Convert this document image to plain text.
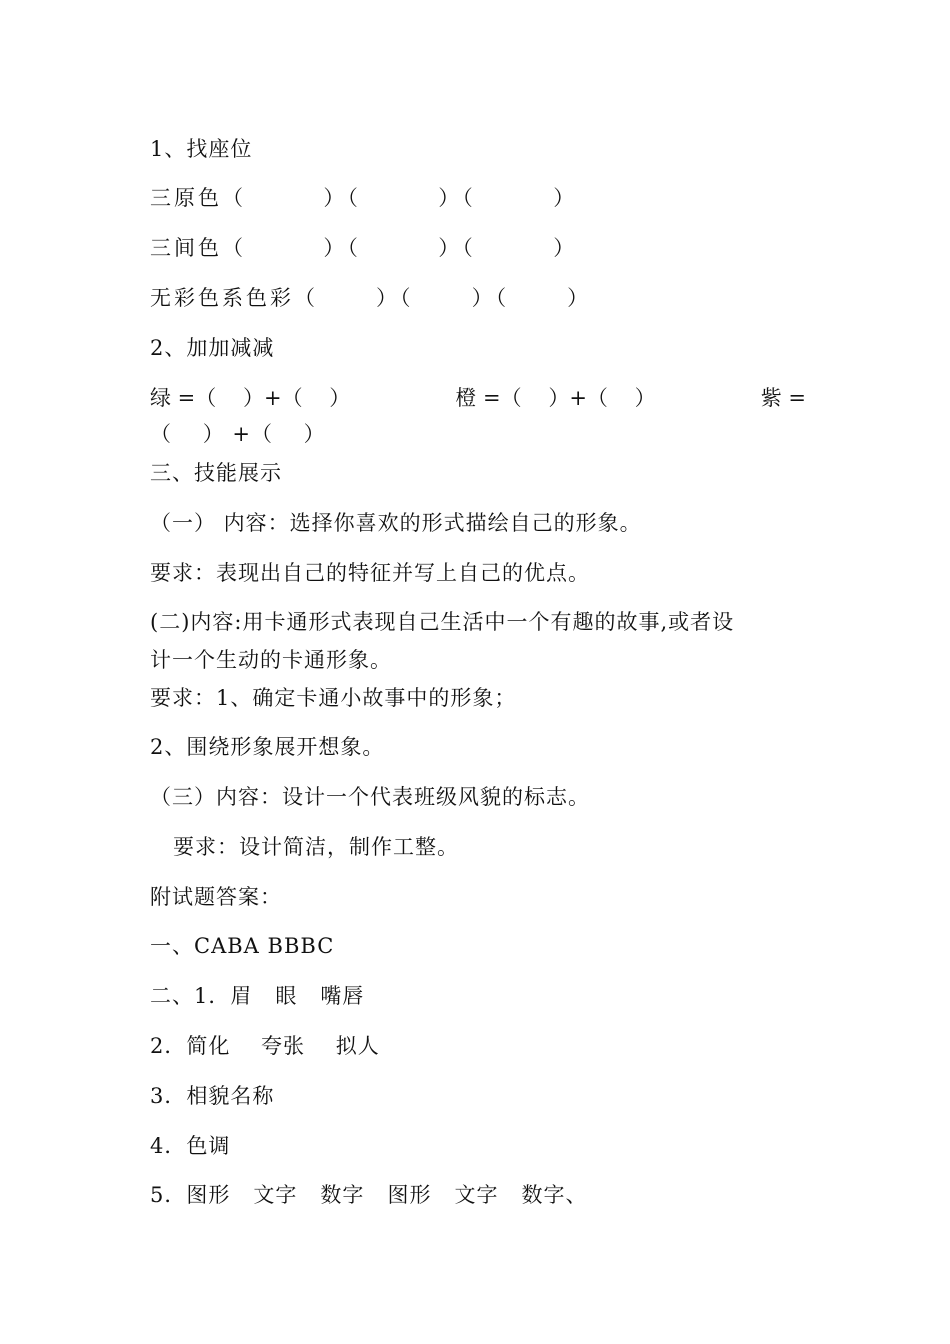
1、找座位
三原色（        ）（        ）（        ）
三间色（        ）（        ）（        ）
无彩色系色彩（      ）（      ）（      ）
2、加加减减
绿 =（    ）+（    ）	橙 =（    ）+（    ）	紫 =
（    ） +（    ）
三、技能展示
（一） 内容：选择你喜欢的形式描绘自己的形象。
要求：表现出自己的特征并写上自己的优点。
(二)内容:用卡通形式表现自己生活中一个有趣的故事,或者设
计一个生动的卡通形象。
要求：1、确定卡通小故事中的形象；
2、围绕形象展开想象。
（三）内容：设计一个代表班级风貌的标志。
要求：设计简洁，制作工整。
附试题答案：
一、CABA BBBC
二、1．眉   眼   嘴唇
2．简化    夸张    拟人
3．相貌名称
4．色调
5．图形   文字   数字   图形   文字   数字、
